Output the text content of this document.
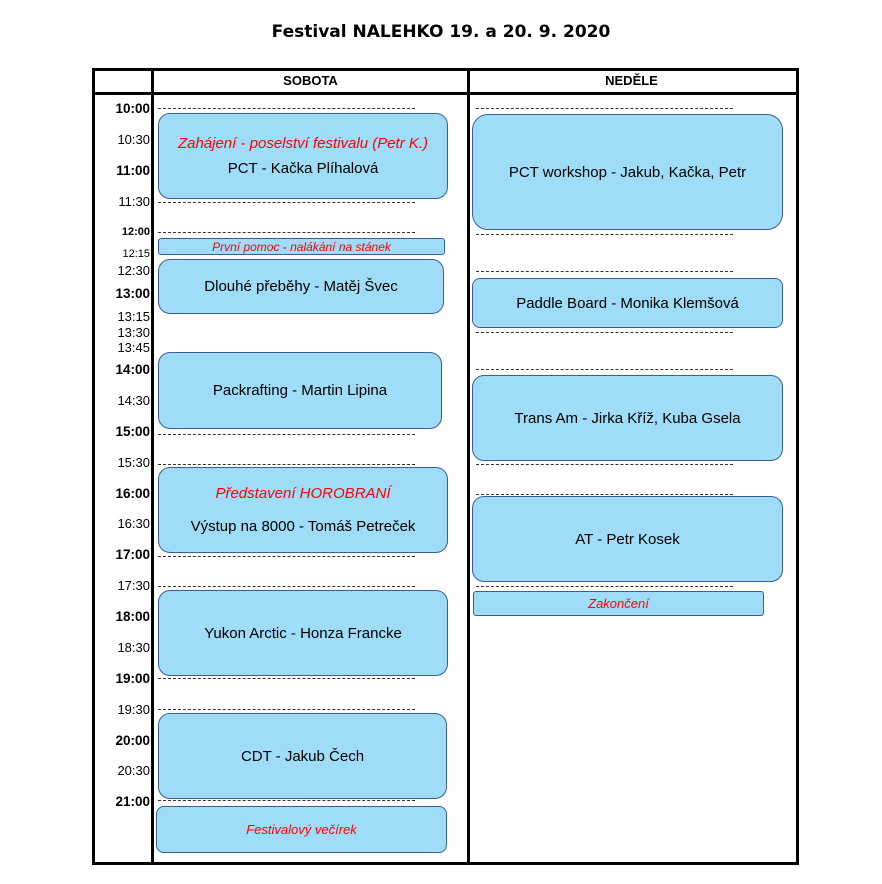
Festival NALEHKO 19. a 20. 9. 2020
SOBOTA	NEDĚLE
10:00
10:30
11:00
11:30
12:00
12:15
12:30
13:00
13:15
13:30
13:45
14:00
14:30
15:00
15:30
16:00
16:30
17:00
17:30
18:00
18:30
19:00
19:30
20:00
20:30
21:00
Zahájení - poselství festivalu (Petr K.)
PCT - Kačka Plíhalová
První pomoc - nalákání na stánek
Dlouhé přeběhy - Matěj Švec
Packrafting - Martin Lipina
Představení HOROBRANÍ
Výstup na 8000 - Tomáš Petreček
Yukon Arctic - Honza Francke
CDT - Jakub Čech
Festivalový večírek
PCT workshop - Jakub, Kačka, Petr
Paddle Board - Monika Klemšová
Trans Am - Jirka Kříž, Kuba Gsela
AT - Petr Kosek
Zakončení
